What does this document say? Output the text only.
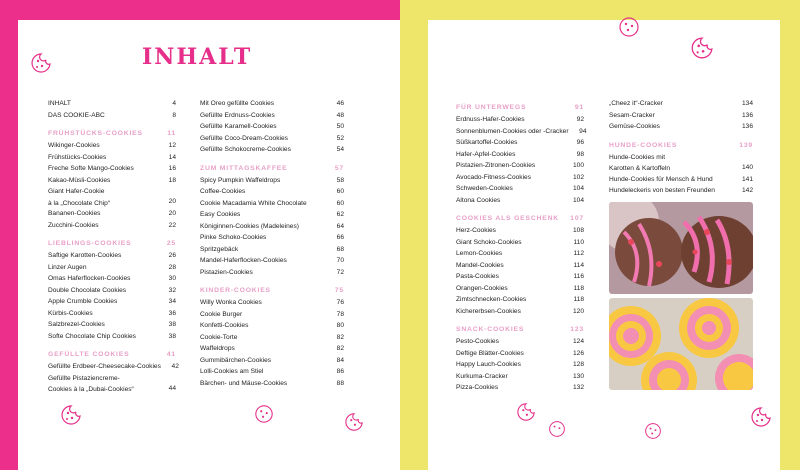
INHALT
INHALT	4
DAS COOKIE-ABC	8
FRÜHSTÜCKS-COOKIES	11
Wikinger-Cookies	12
Frühstücks-Cookies	14
Freche Softe Mango-Cookies	16
Kakao-Müsli-Cookies	18
Giant Hafer-Cookie
à la „Chocolate Chip“	20
Bananen-Cookies	20
Zucchini-Cookies	22
LIEBLINGS-COOKIES	25
Saftige Karotten-Cookies	26
Linzer Augen	28
Omas Haferflocken-Cookies	30
Double Chocolate Cookies	32
Apple Crumble Cookies	34
Kürbis-Cookies	36
Salzbrezel-Cookies	38
Softe Chocolate Chip Cookies	38
GEFÜLLTE COOKIES	41
Gefüllte Erdbeer-Cheesecake-Cookies	42
Gefüllte Pistaziencreme-
Cookies à la „Dubai-Cookies“	44
Mit Oreo gefüllte Cookies	46
Gefüllte Erdnuss-Cookies	48
Gefüllte Karamell-Cookies	50
Gefüllte Coco-Dream-Cookies	52
Gefüllte Schokocreme-Cookies	54
ZUM MITTAGSKAFFEE	57
Spicy Pumpkin Waffeldrops	58
Coffee-Cookies	60
Cookie Macadamia White Chocolate	60
Easy Cookies	62
Königinnen-Cookies (Madeleines)	64
Pinke Schoko-Cookies	66
Spritzgebäck	68
Mandel-Haferflocken-Cookies	70
Pistazien-Cookies	72
KINDER-COOKIES	75
Willy Wonka Cookies	76
Cookie Burger	78
Konfetti-Cookies	80
Cookie-Torte	82
Waffeldrops	82
Gummibärchen-Cookies	84
Lolli-Cookies am Stiel	86
Bärchen- und Mäuse-Cookies	88
FÜR UNTERWEGS	91
Erdnuss-Hafer-Cookies	92
Sonnenblumen-Cookies oder -Cracker	94
Süßkartoffel-Cookies	96
Hafer-Apfel-Cookies	98
Pistazien-Zitronen-Cookies	100
Avocado-Fitness-Cookies	102
Schweden-Cookies	104
Altona Cookies	104
COOKIES ALS GESCHENK 107
Herz-Cookies	108
Giant Schoko-Cookies	110
Lemon-Cookies	112
Mandel-Cookies	114
Pasta-Cookies	116
Orangen-Cookies	118
Zimtschnecken-Cookies	118
Kichererbsen-Cookies	120
SNACK-COOKIES	123
Pesto-Cookies	124
Deftige Blätter-Cookies	126
Happy Lauch-Cookies	128
Kurkuma-Cracker	130
Pizza-Cookies	132
„Cheez it“-Cracker	134
Sesam-Cracker	136
Gemüse-Cookies	136
HUNDE-COOKIES	139
Hunde-Cookies mit
Karotten & Kartoffeln	140
Hunde-Cookies für Mensch & Hund	141
Hundeleckeris von besten Freunden	142
